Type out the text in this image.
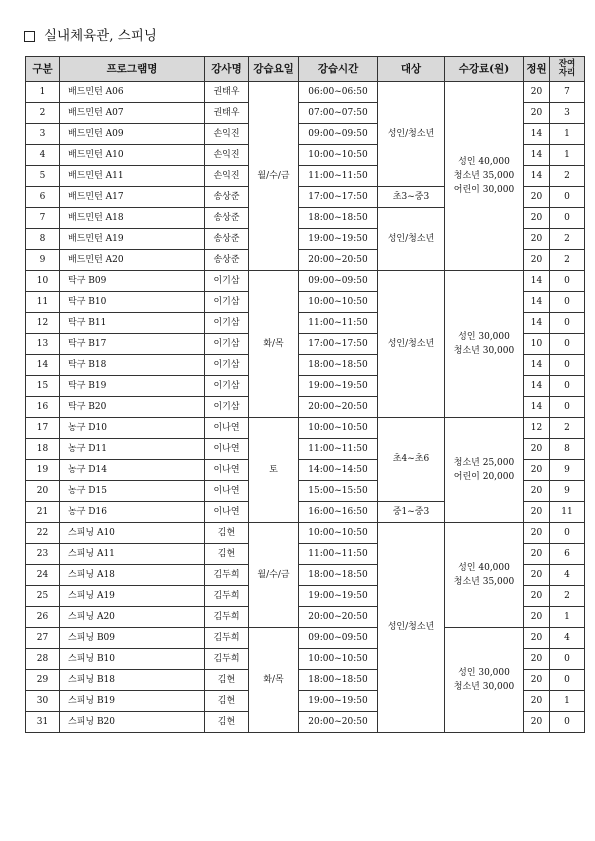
실내체육관, 스피닝
구분	프로그램명	강사명	강습요일	강습시간	대상	수강료(원)	정원	잔여
자리
1	배드민턴 A06	권태우	월/수/금	06:00~06:50	성인/청소년	성인 40,000
청소년 35,000
어린이 30,000	20	7
2	배드민턴 A07	권태우		07:00~07:50			20	3
3	배드민턴 A09	손익진		09:00~09:50			14	1
4	배드민턴 A10	손익진		10:00~10:50			14	1
5	배드민턴 A11	손익진		11:00~11:50			14	2
6	배드민턴 A17	송상준		17:00~17:50	초3~중3		20	0
7	배드민턴 A18	송상준		18:00~18:50	성인/청소년		20	0
8	배드민턴 A19	송상준		19:00~19:50			20	2
9	배드민턴 A20	송상준		20:00~20:50			20	2
10	탁구 B09	이기삼	화/목	09:00~09:50	성인/청소년	성인 30,000
청소년 30,000	14	0
11	탁구 B10	이기삼		10:00~10:50			14	0
12	탁구 B11	이기삼		11:00~11:50			14	0
13	탁구 B17	이기삼		17:00~17:50			10	0
14	탁구 B18	이기삼		18:00~18:50			14	0
15	탁구 B19	이기삼		19:00~19:50			14	0
16	탁구 B20	이기삼		20:00~20:50			14	0
17	농구 D10	이나연	토	10:00~10:50	초4~초6	청소년 25,000
어린이 20,000	12	2
18	농구 D11	이나연		11:00~11:50			20	8
19	농구 D14	이나연		14:00~14:50			20	9
20	농구 D15	이나연		15:00~15:50			20	9
21	농구 D16	이나연		16:00~16:50	중1~중3		20	11
22	스피닝 A10	김현	월/수/금	10:00~10:50	성인/청소년	성인 40,000
청소년 35,000	20	0
23	스피닝 A11	김현		11:00~11:50			20	6
24	스피닝 A18	김두희		18:00~18:50			20	4
25	스피닝 A19	김두희		19:00~19:50			20	2
26	스피닝 A20	김두희		20:00~20:50			20	1
27	스피닝 B09	김두희	화/목	09:00~09:50		성인 30,000
청소년 30,000	20	4
28	스피닝 B10	김두희		10:00~10:50			20	0
29	스피닝 B18	김현		18:00~18:50			20	0
30	스피닝 B19	김현		19:00~19:50			20	1
31	스피닝 B20	김현		20:00~20:50			20	0
